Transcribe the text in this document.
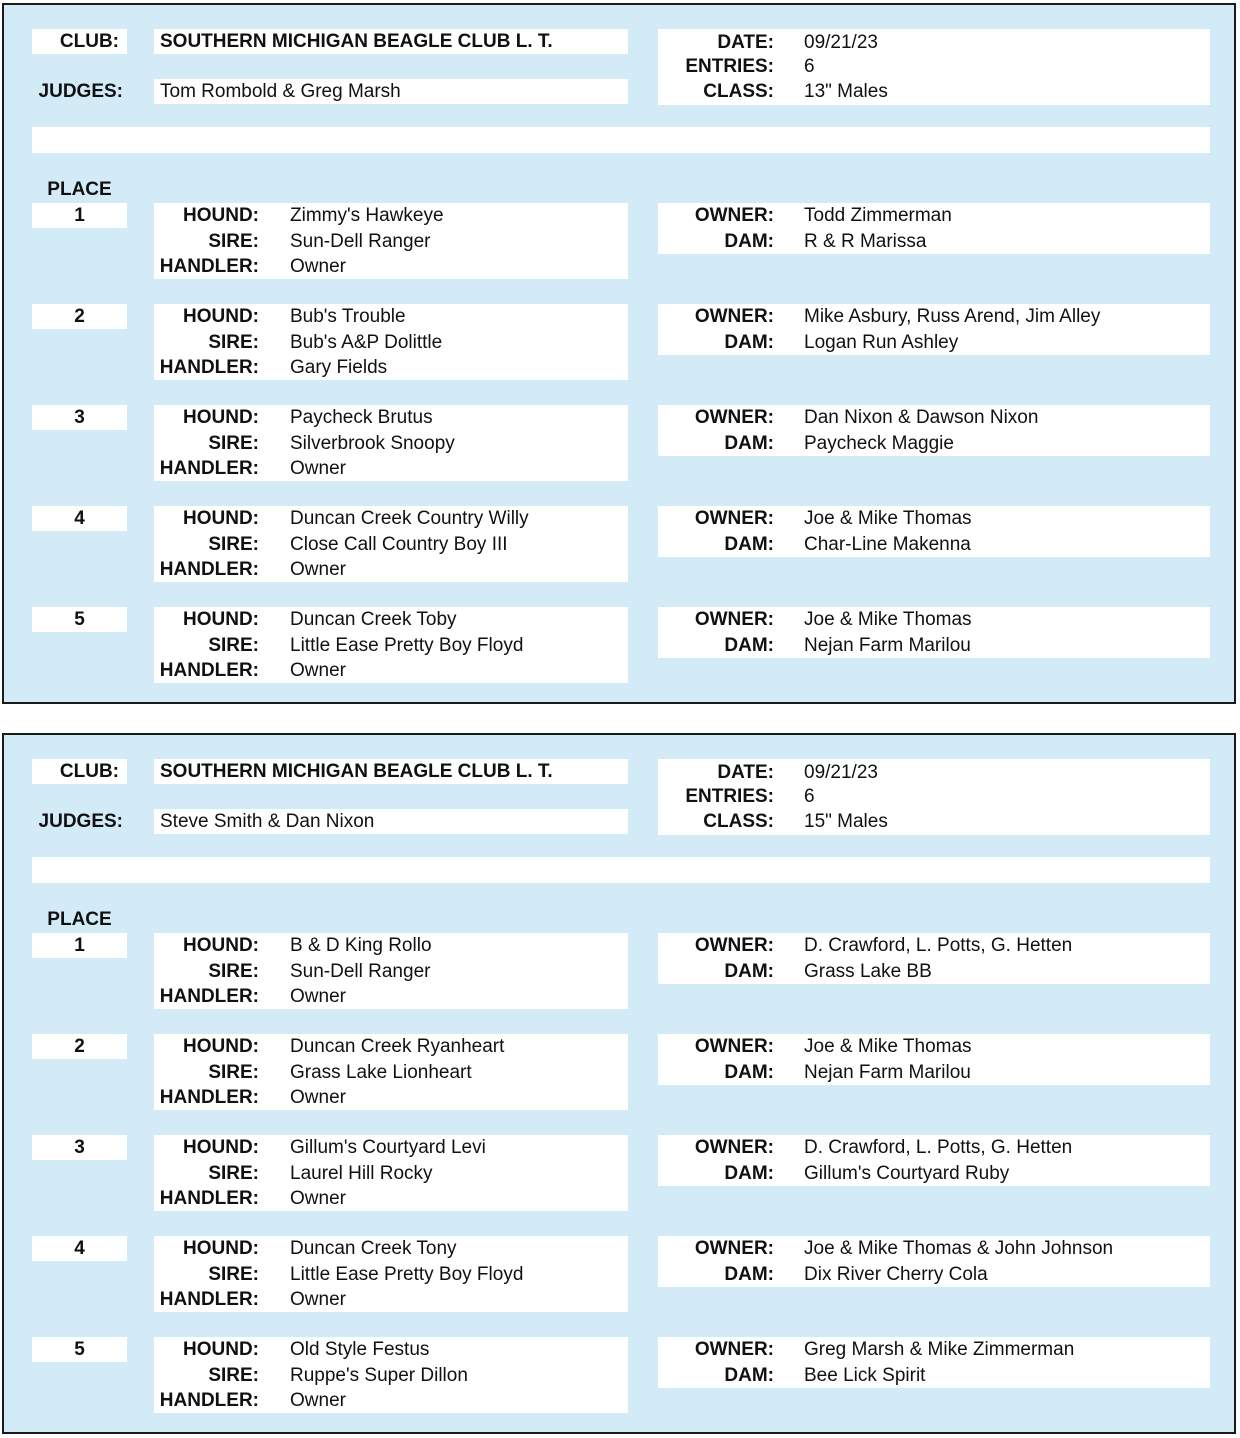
CLUB: SOUTHERN MICHIGAN BEAGLE CLUB L. T.
JUDGES: Tom Rombold & Greg Marsh
DATE: 09/21/23
ENTRIES: 6
CLASS: 13" Males
PLACE
1	HOUND: Zimmy's Hawkeye
SIRE: Sun-Dell Ranger
HANDLER: Owner
OWNER: Todd Zimmerman
DAM: R & R Marissa
2	HOUND: Bub's Trouble
SIRE: Bub's A&P Dolittle
HANDLER: Gary Fields
OWNER: Mike Asbury, Russ Arend, Jim Alley
DAM: Logan Run Ashley
3	HOUND: Paycheck Brutus
SIRE: Silverbrook Snoopy
HANDLER: Owner
OWNER: Dan Nixon & Dawson Nixon
DAM: Paycheck Maggie
4	HOUND: Duncan Creek Country Willy
SIRE: Close Call Country Boy III
HANDLER: Owner
OWNER: Joe & Mike Thomas
DAM: Char-Line Makenna
5	HOUND: Duncan Creek Toby
SIRE: Little Ease Pretty Boy Floyd
HANDLER: Owner
OWNER: Joe & Mike Thomas
DAM: Nejan Farm Marilou
CLUB: SOUTHERN MICHIGAN BEAGLE CLUB L. T.
JUDGES: Steve Smith & Dan Nixon
DATE: 09/21/23
ENTRIES: 6
CLASS: 15" Males
PLACE
1	HOUND: B & D King Rollo
SIRE: Sun-Dell Ranger
HANDLER: Owner
OWNER: D. Crawford, L. Potts, G. Hetten
DAM: Grass Lake BB
2	HOUND: Duncan Creek Ryanheart
SIRE: Grass Lake Lionheart
HANDLER: Owner
OWNER: Joe & Mike Thomas
DAM: Nejan Farm Marilou
3	HOUND: Gillum's Courtyard Levi
SIRE: Laurel Hill Rocky
HANDLER: Owner
OWNER: D. Crawford, L. Potts, G. Hetten
DAM: Gillum's Courtyard Ruby
4	HOUND: Duncan Creek Tony
SIRE: Little Ease Pretty Boy Floyd
HANDLER: Owner
OWNER: Joe & Mike Thomas & John Johnson
DAM: Dix River Cherry Cola
5	HOUND: Old Style Festus
SIRE: Ruppe's Super Dillon
HANDLER: Owner
OWNER: Greg Marsh & Mike Zimmerman
DAM: Bee Lick Spirit
